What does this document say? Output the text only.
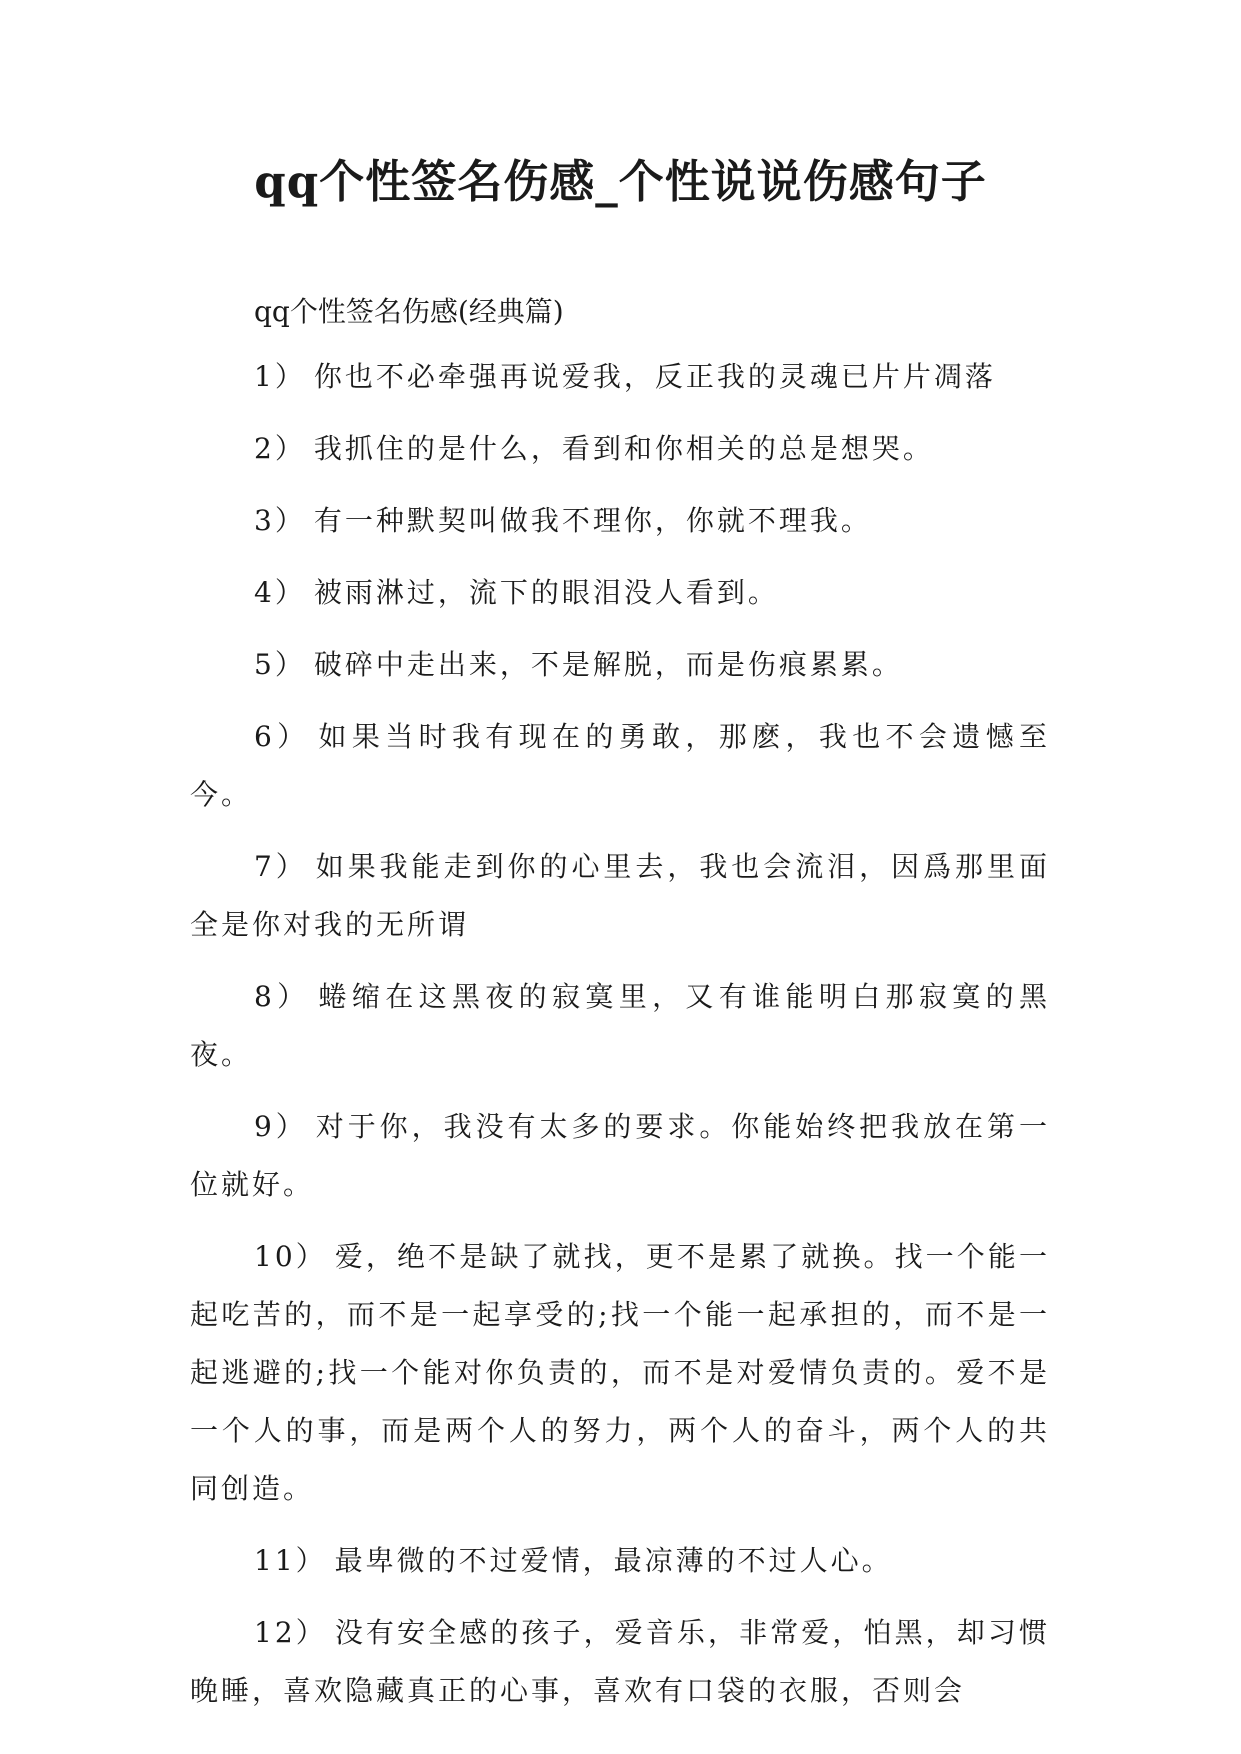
qq个性签名伤感_个性说说伤感句子

qq个性签名伤感(经典篇)

1） 你也不必牵强再说爱我，反正我的灵魂已片片凋落

2） 我抓住的是什么，看到和你相关的总是想哭。

3） 有一种默契叫做我不理你，你就不理我。

4） 被雨淋过，流下的眼泪没人看到。

5） 破碎中走出来，不是解脱，而是伤痕累累。

6） 如果当时我有现在的勇敢，那麽，我也不会遗憾至今。

7） 如果我能走到你的心里去，我也会流泪，因爲那里面全是你对我的无所谓

8） 蜷缩在这黑夜的寂寞里，又有谁能明白那寂寞的黑夜。

9） 对于你，我没有太多的要求。你能始终把我放在第一位就好。

10） 爱，绝不是缺了就找，更不是累了就换。找一个能一起吃苦的，而不是一起享受的;找一个能一起承担的，而不是一起逃避的;找一个能对你负责的，而不是对爱情负责的。爱不是一个人的事，而是两个人的努力，两个人的奋斗，两个人的共同创造。

11） 最卑微的不过爱情，最凉薄的不过人心。

12） 没有安全感的孩子，爱音乐，非常爱，怕黑，却习惯晚睡，喜欢隐藏真正的心事，喜欢有口袋的衣服，否则会
